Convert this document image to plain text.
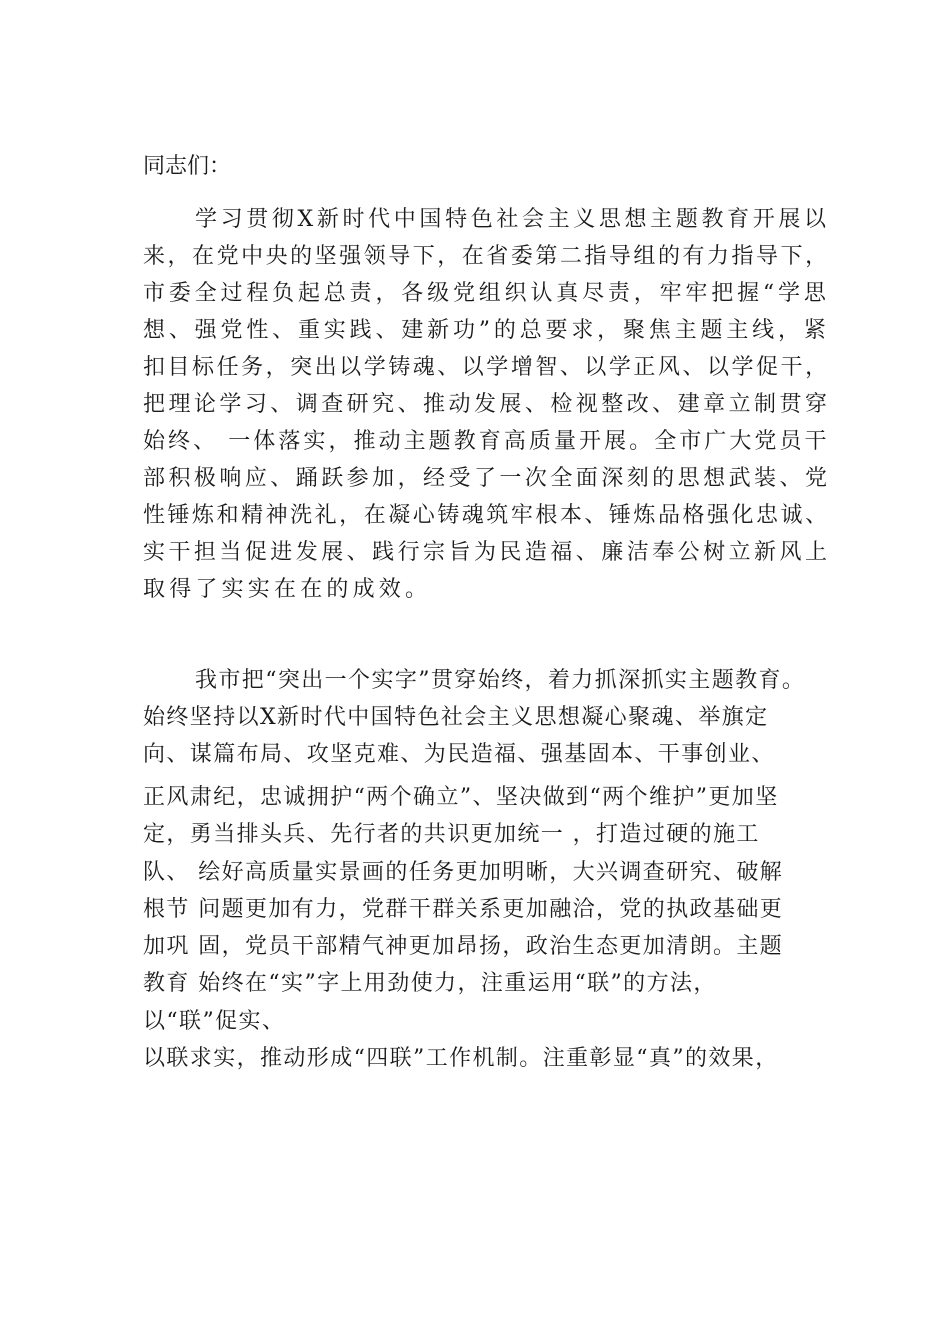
同志们：
学习贯彻X新时代中国特色社会主义思想主题教育开展以
来，在党中央的坚强领导下，在省委第二指导组的有力指导下，
市委全过程负起总责，各级党组织认真尽责，牢牢把握“学思
想、强党性、重实践、建新功”的总要求，聚焦主题主线，紧
扣目标任务，突出以学铸魂、以学增智、以学正风、以学促干，
把理论学习、调查研究、推动发展、检视整改、建章立制贯穿
始终、 一体落实，推动主题教育高质量开展。全市广大党员干
部积极响应、踊跃参加，经受了一次全面深刻的思想武装、党
性锤炼和精神洗礼，在凝心铸魂筑牢根本、锤炼品格强化忠诚、
实干担当促进发展、践行宗旨为民造福、廉洁奉公树立新风上
取得了实实在在的成效。
我市把“突出一个实字”贯穿始终，着力抓深抓实主题教育。
始终坚持以X新时代中国特色社会主义思想凝心聚魂、举旗定
向、谋篇布局、攻坚克难、为民造福、强基固本、干事创业、
正风肃纪，忠诚拥护“两个确立”、坚决做到“两个维护”更加坚
定，勇当排头兵、先行者的共识更加统一 ，打造过硬的施工
队、 绘好高质量实景画的任务更加明晰，大兴调查研究、破解
根节 问题更加有力，党群干群关系更加融洽，党的执政基础更
加巩 固，党员干部精气神更加昂扬，政治生态更加清朗。主题
教育 始终在“实”字上用劲使力，注重运用“联”的方法，
以“联”促实、
以联求实，推动形成“四联”工作机制。注重彰显“真”的效果，
